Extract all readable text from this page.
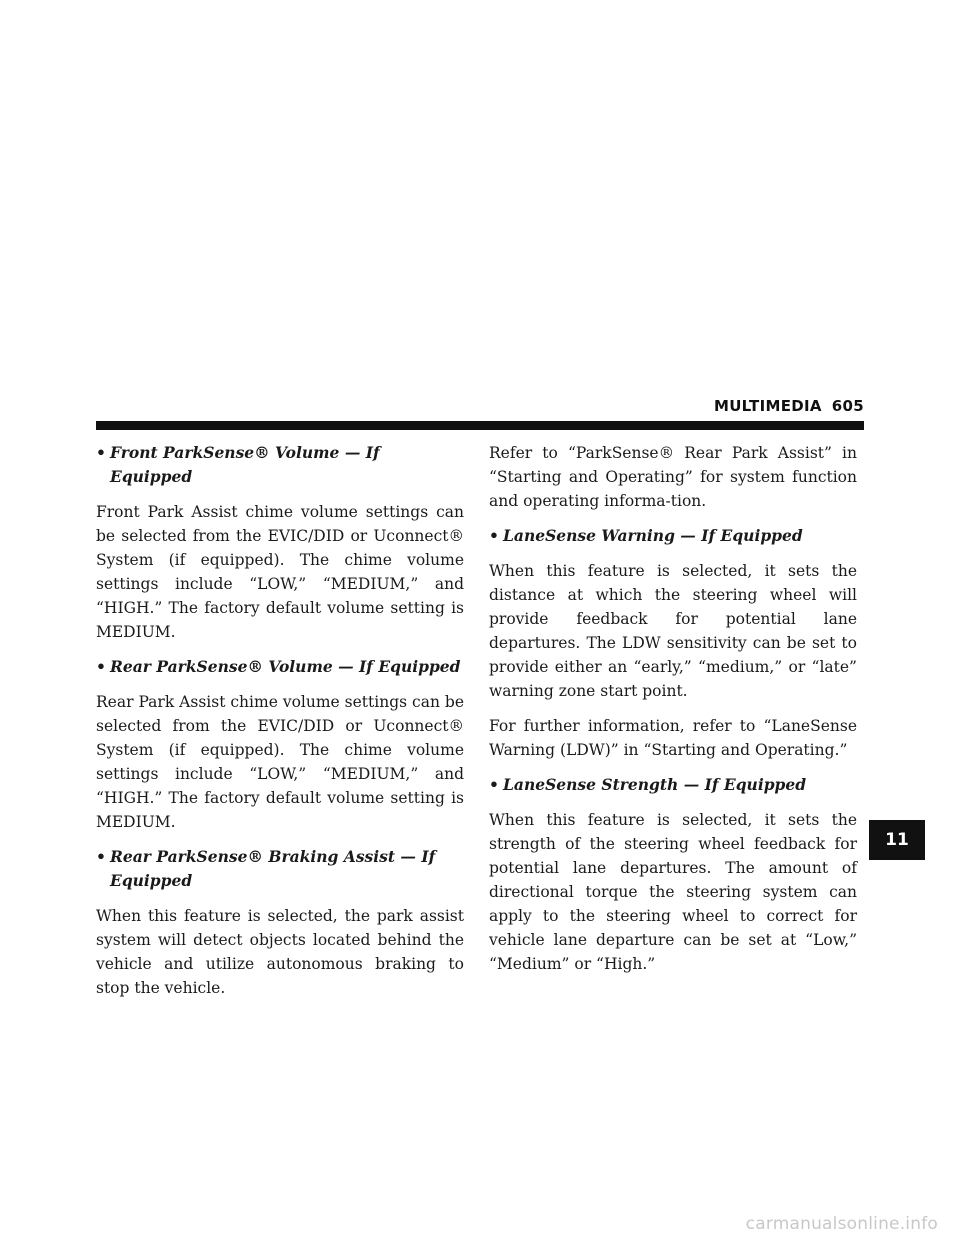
MULTIMEDIA 605
• Front ParkSense® Volume — If Equipped

Front Park Assist chime volume settings can be selected from the EVIC/DID or Uconnect® System (if equipped). The chime volume settings include “LOW,” “MEDIUM,” and “HIGH.” The factory default volume setting is MEDIUM.

• Rear ParkSense® Volume — If Equipped

Rear Park Assist chime volume settings can be selected from the EVIC/DID or Uconnect® System (if equipped). The chime volume settings include “LOW,” “MEDIUM,” and “HIGH.” The factory default volume setting is MEDIUM.

• Rear ParkSense® Braking Assist — If Equipped

When this feature is selected, the park assist system will detect objects located behind the vehicle and utilize autonomous braking to stop the vehicle.

Refer to “ParkSense® Rear Park Assist” in “Starting and Operating” for system function and operating informa-tion.

• LaneSense Warning — If Equipped

When this feature is selected, it sets the distance at which the steering wheel will provide feedback for potential lane departures. The LDW sensitivity can be set to provide either an “early,” “medium,” or “late” warning zone start point.

For further information, refer to “LaneSense Warning (LDW)” in “Starting and Operating.”

• LaneSense Strength — If Equipped

When this feature is selected, it sets the strength of the steering wheel feedback for potential lane departures. The amount of directional torque the steering system can apply to the steering wheel to correct for vehicle lane departure can be set at “Low,” “Medium” or “High.”

11
carmanualsonline.info
